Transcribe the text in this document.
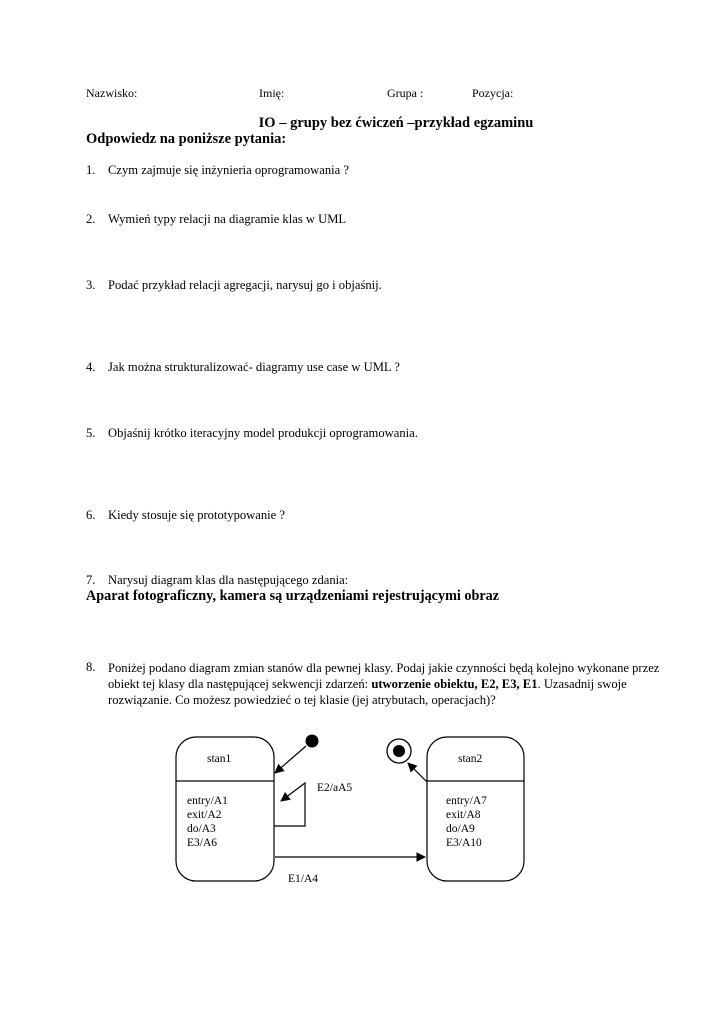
Nazwisko:	Imię:	Grupa :	Pozycja:
IO – grupy bez ćwiczeń –przykład egzaminu
Odpowiedz na poniższe pytania:
1. Czym zajmuje się inżynieria oprogramowania ?
2. Wymień typy relacji na diagramie klas w UML
3. Podać przykład relacji agregacji, narysuj go i objaśnij.
4. Jak można strukturalizować- diagramy use case w UML ?
5. Objaśnij krótko iteracyjny model produkcji oprogramowania.
6. Kiedy stosuje się prototypowanie ?
7. Narysuj diagram klas dla następującego zdania:
Aparat fotograficzny, kamera są urządzeniami rejestrującymi obraz
8. Poniżej podano diagram zmian stanów dla pewnej klasy. Podaj jakie czynności będą kolejno wykonane przez obiekt tej klasy dla następującej sekwencji zdarzeń: utworzenie obiektu, E2, E3, E1. Uzasadnij swoje rozwiązanie. Co możesz powiedzieć o tej klasie (jej atrybutach, operacjach)?
stan1
entry/A1
exit/A2
do/A3
E3/A6
stan2
entry/A7
exit/A8
do/A9
E3/A10
E2/aA5
E1/A4
